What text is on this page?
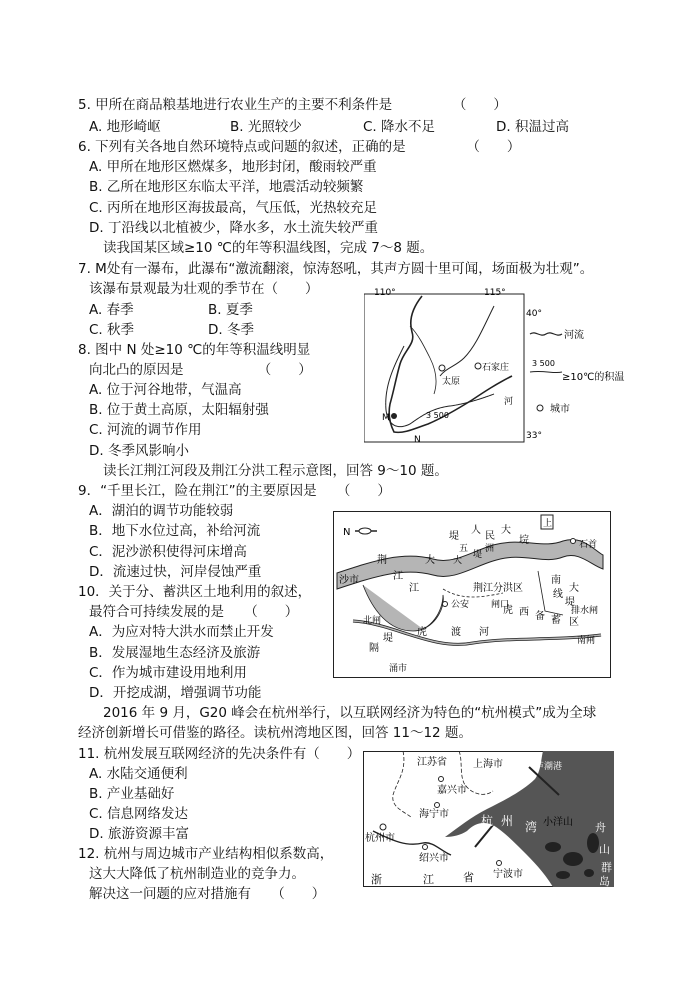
5. 甲所在商品粮基地进行农业生产的主要不利条件是　　　　　（　　）
A. 地形崎岖	B. 光照较少	C. 降水不足	D. 积温过高
6. 下列有关各地自然环境特点或问题的叙述，正确的是　　　　　（　　）
A. 甲所在地形区燃煤多，地形封闭，酸雨较严重
B. 乙所在地形区东临太平洋，地震活动较频繁
C. 丙所在地形区海拔最高，气压低，光热较充足
D. 丁沿线以北植被少，降水多，水土流失较严重
读我国某区域≥10 ℃的年等积温线图，完成 7～8 题。
7. M处有一瀑布，此瀑布“激流翻滚，惊涛怒吼，其声方圆十里可闻，场面极为壮观”。
该瀑布景观最为壮观的季节在（　　）
A. 春季	B. 夏季
C. 秋季	D. 冬季
8. 图中 N 处≥10 ℃的年等积温线明显
向北凸的原因是　　　　　　（　　）
A. 位于河谷地带，气温高
B. 位于黄土高原，太阳辐射强
C. 河流的调节作用
D. 冬季风影响小
110°	115°
40°
33°
太原
石家庄
河
3 500
M
N
河流
3 500
≥10℃的积温
城市
读长江荆江河段及荆江分洪工程示意图，回答 9～10 题。
9．“千里长江，险在荆江”的主要原因是　　（　　）
A．湖泊的调节功能较弱
B．地下水位过高，补给河流
C．泥沙淤积使得河床增高
D．流速过快，河岸侵蚀严重
10．关于分、蓄洪区土地利用的叙述，
最符合可持续发展的是　　（　　）
A．为应对特大洪水而禁止开发
B．发展湿地生态经济及旅游
C．作为城市建设用地利用
D．开挖成湖，增强调节功能
N
沙市
荆
江
大
堤
人
民
大
垸
堤
洲
五
大
江	荆江分洪区
公安 闸口
虎 渡 河
北闸
隔
堤
涌市
虎 西 备 蓄 区
南
线
大
堤
排水闸
南闸
石首
上
2016 年 9 月，G20 峰会在杭州举行，以互联网经济为特色的“杭州模式”成为全球
经济创新增长可借鉴的路径。读杭州湾地区图，回答 11～12 题。
11. 杭州发展互联网经济的先决条件有（　　）
A. 水陆交通便利
B. 产业基础好
C. 信息网络发达
D. 旅游资源丰富
12. 杭州与周边城市产业结构相似系数高，
这大大降低了杭州制造业的竞争力。
解决这一问题的应对措施有　　（　　）
江苏省	上海市	芦潮港
嘉兴市
海宁市
杭州市
绍兴市
宁波市
小洋山
杭 州 湾
浙	江	省
舟
山
群
岛
